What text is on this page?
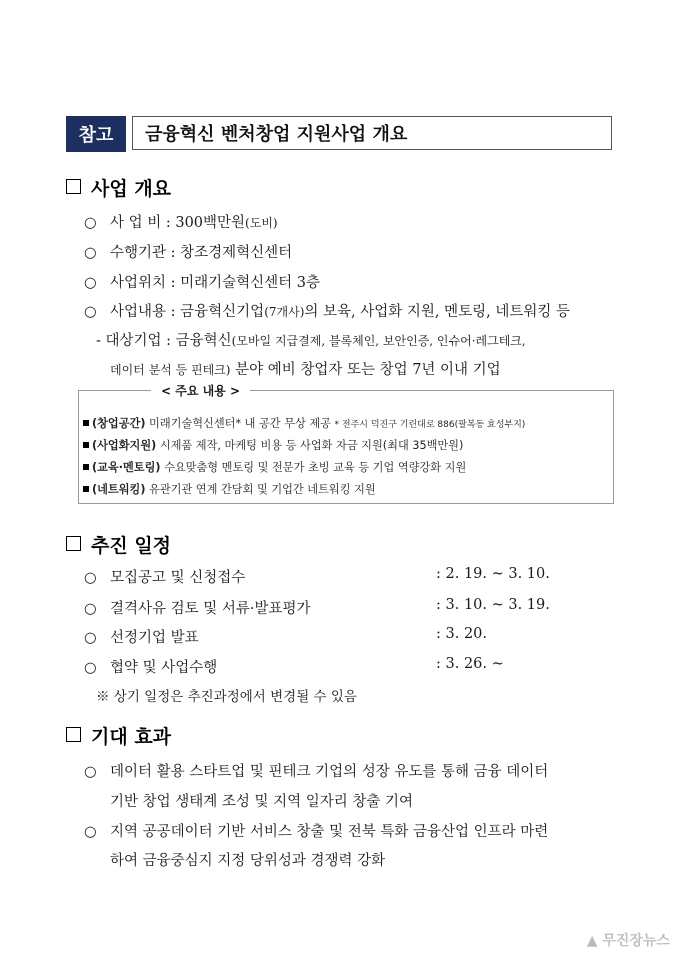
참고	금융혁신 벤처창업 지원사업 개요
사업 개요
○ 사 업 비 : 300백만원(도비)
○ 수행기관 : 창조경제혁신센터
○ 사업위치 : 미래기술혁신센터 3층
○ 사업내용 : 금융혁신기업(7개사)의 보육, 사업화 지원, 멘토링, 네트워킹 등
- 대상기업 : 금융혁신(모바일 지급결제, 블록체인, 보안인증, 인슈어·레그테크,
데이터 분석 등 핀테크) 분야 예비 창업자 또는 창업 7년 이내 기업
< 주요 내용 >
(창업공간) 미래기술혁신센터* 내 공간 무상 제공 * 전주시 덕진구 기린대로 886(팔복동 효성부지)
(사업화지원) 시제품 제작, 마케팅 비용 등 사업화 자금 지원(최대 35백만원)
(교육·멘토링) 수요맞춤형 멘토링 및 전문가 초빙 교육 등 기업 역량강화 지원
(네트워킹) 유관기관 연계 간담회 및 기업간 네트워킹 지원
추진 일정
○ 모집공고 및 신청접수	: 2. 19. ~ 3. 10.
○ 결격사유 검토 및 서류·발표평가	: 3. 10. ~ 3. 19.
○ 선정기업 발표	: 3. 20.
○ 협약 및 사업수행	: 3. 26. ~
※ 상기 일정은 추진과정에서 변경될 수 있음
기대 효과
○ 데이터 활용 스타트업 및 핀테크 기업의 성장 유도를 통해 금융 데이터
기반 창업 생태계 조성 및 지역 일자리 창출 기여
○ 지역 공공데이터 기반 서비스 창출 및 전북 특화 금융산업 인프라 마련
하여 금융중심지 지정 당위성과 경쟁력 강화
▲ 무진장뉴스
